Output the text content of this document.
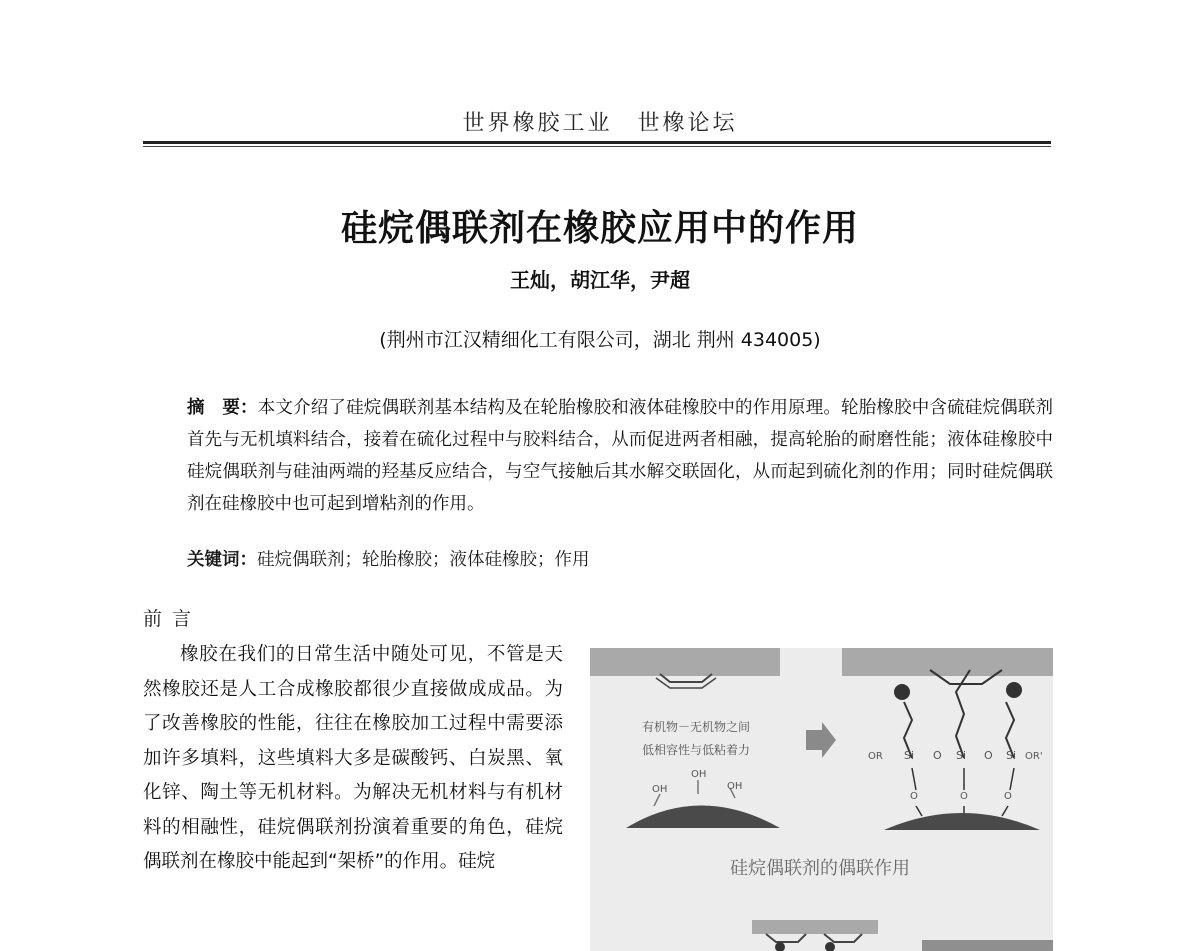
世界橡胶工业　世橡论坛
硅烷偶联剂在橡胶应用中的作用
王灿，胡江华，尹超
(荆州市江汉精细化工有限公司，湖北 荆州 434005)
摘　要：本文介绍了硅烷偶联剂基本结构及在轮胎橡胶和液体硅橡胶中的作用原理。轮胎橡胶中含硫硅烷偶联剂首先与无机填料结合，接着在硫化过程中与胶料结合，从而促进两者相融，提高轮胎的耐磨性能；液体硅橡胶中硅烷偶联剂与硅油两端的羟基反应结合，与空气接触后其水解交联固化，从而起到硫化剂的作用；同时硅烷偶联剂在硅橡胶中也可起到增粘剂的作用。
关键词：硅烷偶联剂；轮胎橡胶；液体硅橡胶；作用
前 言
橡胶在我们的日常生活中随处可见，不管是天然橡胶还是人工合成橡胶都很少直接做成成品。为了改善橡胶的性能，往往在橡胶加工过程中需要添加许多填料，这些填料大多是碳酸钙、白炭黑、氧化锌、陶土等无机材料。为解决无机材料与有机材料的相融性，硅烷偶联剂扮演着重要的角色，硅烷偶联剂在橡胶中能起到“架桥”的作用。硅烷
有机物－无机物之间
低相容性与低粘着力
OH
OH
OH
OR Si O Si O Si OR'
O	O	O
硅烷偶联剂的偶联作用
